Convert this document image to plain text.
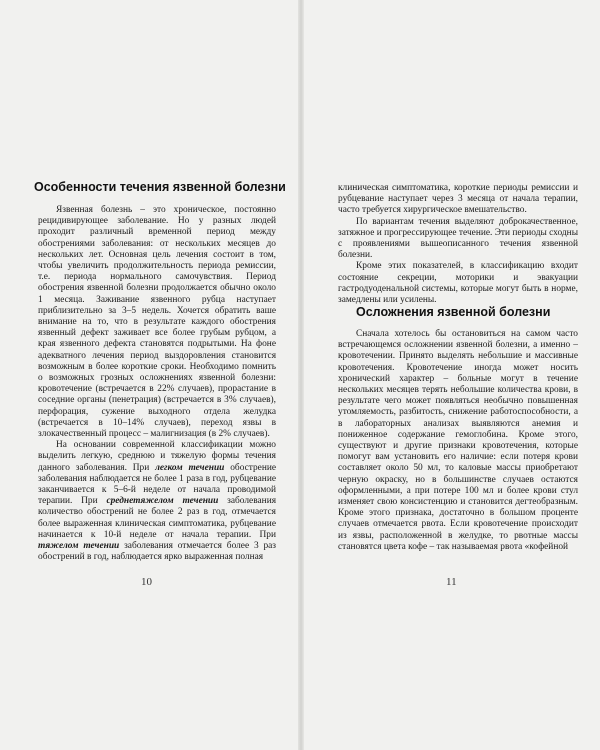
Особенности течения язвенной болезни

Язвенная болезнь – это хроническое, постоянно рецидивирующее заболевание. Но у разных людей проходит различный временной период между обострениями заболевания: от нескольких месяцев до нескольких лет. Основная цель лечения состоит в том, чтобы увеличить продолжительность периода ремиссии, т.е. периода нормального самочувствия. Период обострения язвенной болезни продолжается обычно около 1 месяца. Заживание язвенного рубца наступает приблизительно за 3–5 недель. Хочется обратить ваше внимание на то, что в результате каждого обострения язвенный дефект заживает все более грубым рубцом, а края язвенного дефекта становятся подрытыми. На фоне адекватного лечения период выздоровления становится возможным в более короткие сроки. Необходимо помнить о возможных грозных осложнениях язвенной болезни: кровотечение (встречается в 22% случаев), прорастание в соседние органы (пенетрация) (встречается в 3% случаев), перфорация, сужение выходного отдела желудка (встречается в 10–14% случаев), переход язвы в злокачественный процесс – малигнизация (в 2% случаев).

На основании современной классификации можно выделить легкую, среднюю и тяжелую формы течения данного заболевания. При легком течении обострение заболевания наблюдается не более 1 раза в год, рубцевание заканчивается к 5–6-й неделе от начала проводимой терапии. При среднетяжелом течении заболевания количество обострений не более 2 раз в год, отмечается более выраженная клиническая симптоматика, рубцевание начинается к 10-й неделе от начала терапии. При тяжелом течении заболевания отмечается более 3 раз обострений в год, наблюдается ярко выраженная полная

10

клиническая симптоматика, короткие периоды ремиссии и рубцевание наступает через 3 месяца от начала терапии, часто требуется хирургическое вмешательство.

По вариантам течения выделяют доброкачественное, затяжное и прогрессирующее течение. Эти периоды сходны с проявлениями вышеописанного течения язвенной болезни.

Кроме этих показателей, в классификацию входит состояние секреции, моторики и эвакуации гастродуоденальной системы, которые могут быть в норме, замедлены или усилены.

Осложнения язвенной болезни

Сначала хотелось бы остановиться на самом часто встречающемся осложнении язвенной болезни, а именно – кровотечении. Принято выделять небольшие и массивные кровотечения. Кровотечение иногда может носить хронический характер – больные могут в течение нескольких месяцев терять небольшие количества крови, в результате чего может появляться необычно повышенная утомляемость, разбитость, снижение работоспособности, а в лабораторных анализах выявляются анемия и пониженное содержание гемоглобина. Кроме этого, существуют и другие признаки кровотечения, которые помогут вам установить его наличие: если потеря крови составляет около 50 мл, то каловые массы приобретают черную окраску, но в большинстве случаев остаются оформленными, а при потере 100 мл и более крови стул изменяет свою консистенцию и становится дегтеобразным. Кроме этого признака, достаточно в большом проценте случаев отмечается рвота. Если кровотечение происходит из язвы, расположенной в желудке, то рвотные массы становятся цвета кофе – так называемая рвота «кофейной

11
